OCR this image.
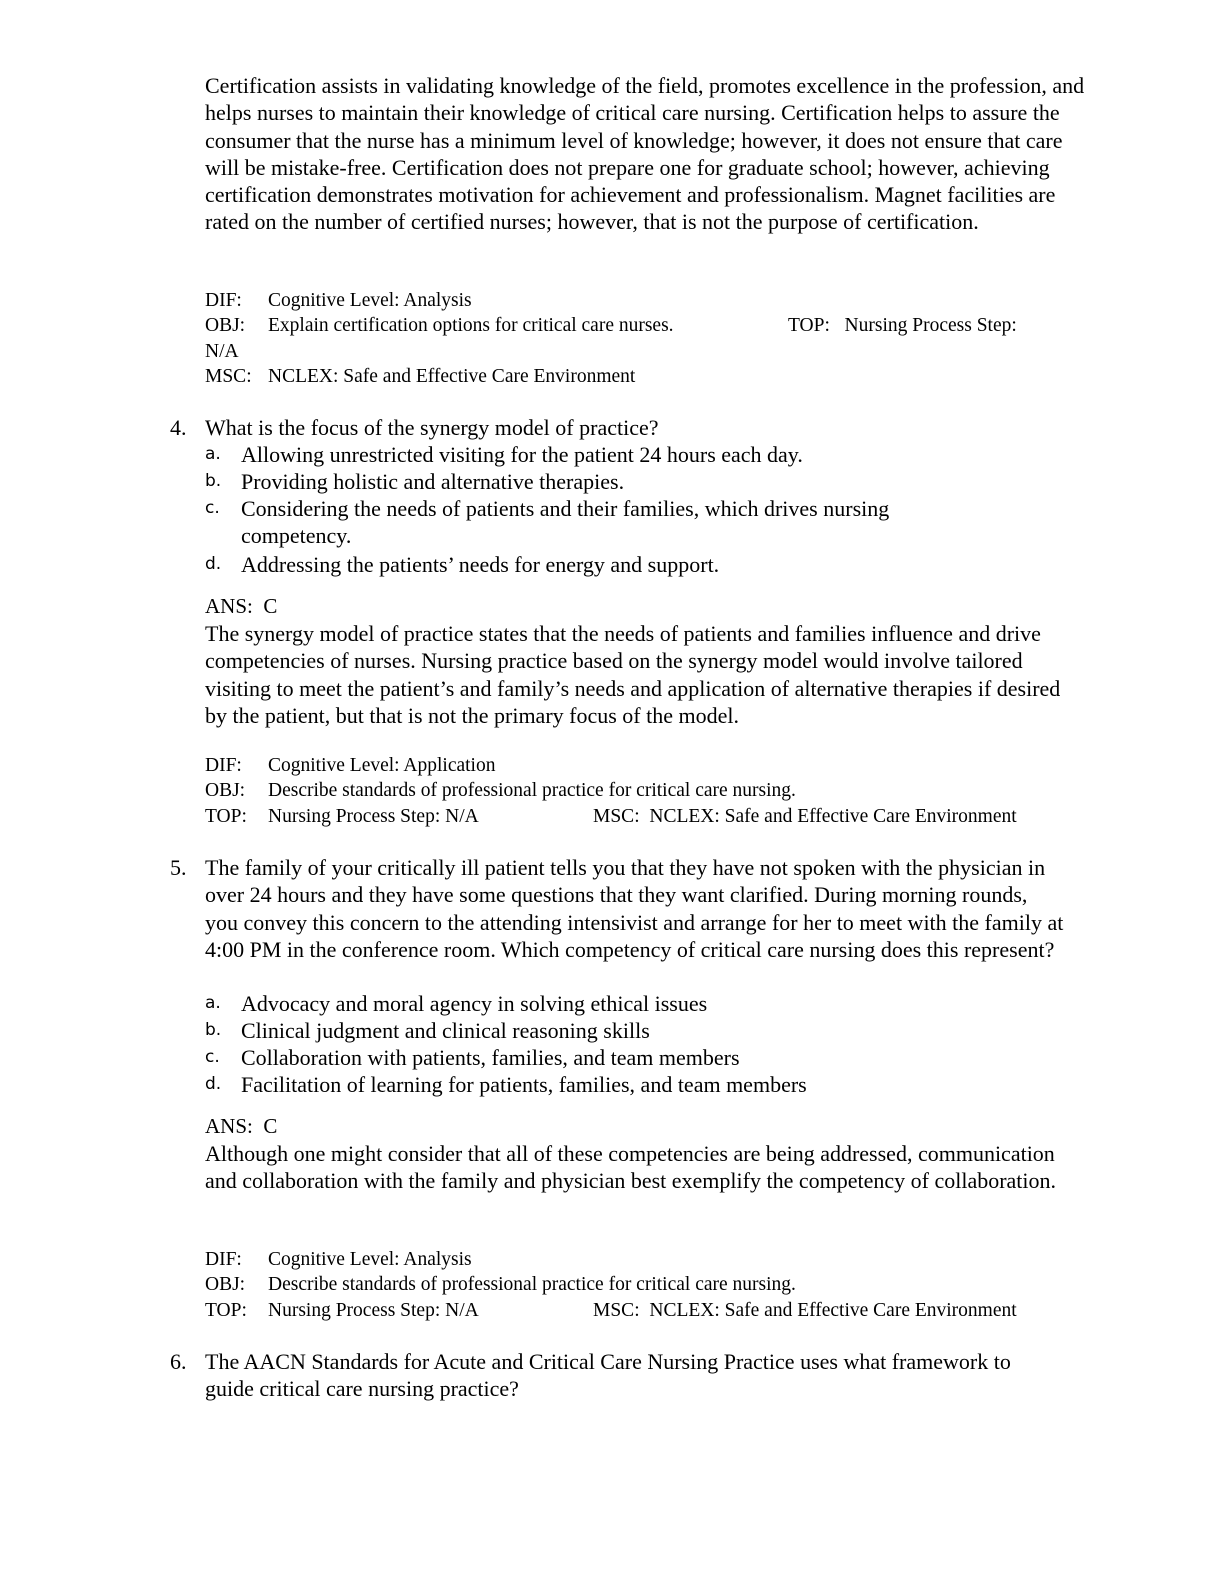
Certification assists in validating knowledge of the field, promotes excellence in the profession, and helps nurses to maintain their knowledge of critical care nursing. Certification helps to assure the consumer that the nurse has a minimum level of knowledge; however, it does not ensure that care will be mistake-free. Certification does not prepare one for graduate school; however, achieving certification demonstrates motivation for achievement and professionalism. Magnet facilities are rated on the number of certified nurses; however, that is not the purpose of certification.

DIF: Cognitive Level: Analysis
OBJ: Explain certification options for critical care nurses.	TOP: Nursing Process Step:
N/A
MSC: NCLEX: Safe and Effective Care Environment
4. What is the focus of the synergy model of practice?

a. Allowing unrestricted visiting for the patient 24 hours each day.
b. Providing holistic and alternative therapies.
c. Considering the needs of patients and their families, which drives nursing competency.
d. Addressing the patients’ needs for energy and support.
ANS: C

The synergy model of practice states that the needs of patients and families influence and drive competencies of nurses. Nursing practice based on the synergy model would involve tailored visiting to meet the patient’s and family’s needs and application of alternative therapies if desired by the patient, but that is not the primary focus of the model.

DIF: Cognitive Level: Application
OBJ: Describe standards of professional practice for critical care nursing.
TOP: Nursing Process Step: N/A	MSC: NCLEX: Safe and Effective Care Environment
5. The family of your critically ill patient tells you that they have not spoken with the physician in over 24 hours and they have some questions that they want clarified. During morning rounds, you convey this concern to the attending intensivist and arrange for her to meet with the family at 4:00 PM in the conference room. Which competency of critical care nursing does this represent?

a. Advocacy and moral agency in solving ethical issues
b. Clinical judgment and clinical reasoning skills
c. Collaboration with patients, families, and team members
d. Facilitation of learning for patients, families, and team members
ANS: C

Although one might consider that all of these competencies are being addressed, communication and collaboration with the family and physician best exemplify the competency of collaboration.

DIF: Cognitive Level: Analysis
OBJ: Describe standards of professional practice for critical care nursing.
TOP: Nursing Process Step: N/A	MSC: NCLEX: Safe and Effective Care Environment
6. The AACN Standards for Acute and Critical Care Nursing Practice uses what framework to guide critical care nursing practice?
